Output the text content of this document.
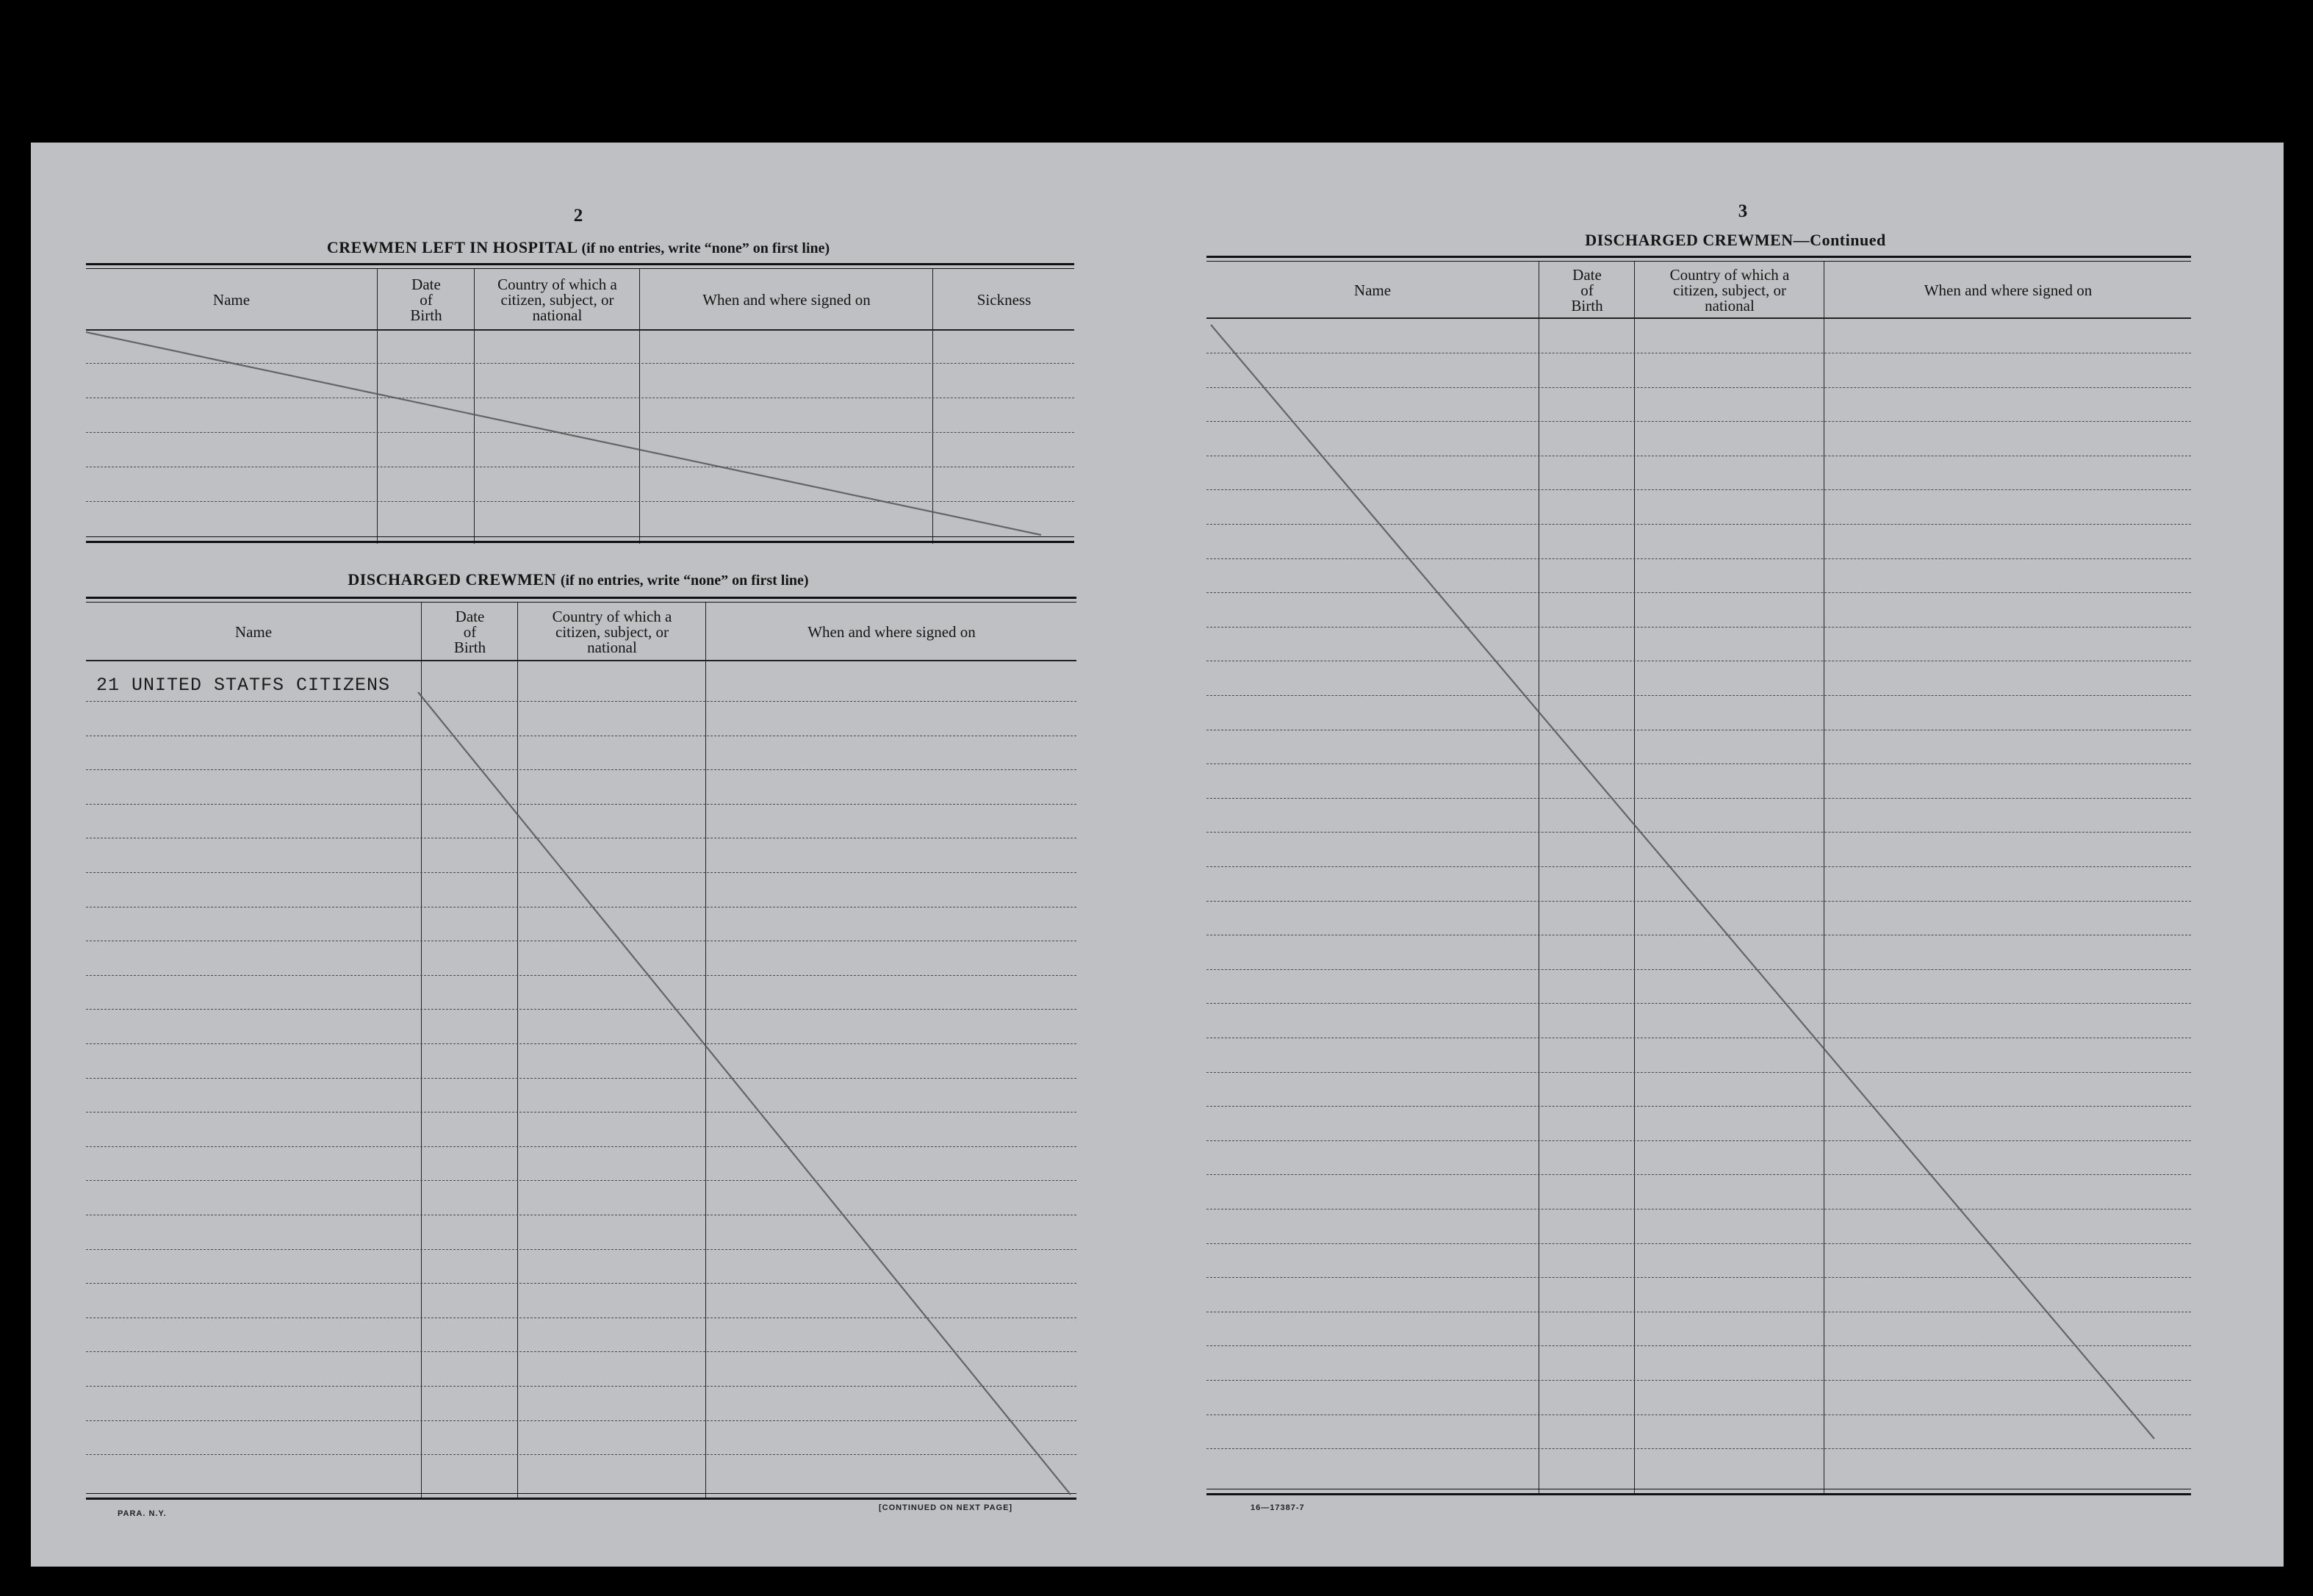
2
CREWMEN LEFT IN HOSPITAL (if no entries, write “none” on first line)
Name
Date
of
Birth
Country of which a
citizen, subject, or
national
When and where signed on	Sickness
​
DISCHARGED CREWMEN (if no entries, write “none” on first line)
Name
Date
of
Birth
Country of which a
citizen, subject, or
national
When and where signed on
21 UNITED STATFS CITIZENS
PARA. N.Y.
[CONTINUED ON NEXT PAGE]
3
DISCHARGED CREWMEN—Continued
Name
Date
of
Birth
Country of which a
citizen, subject, or
national
When and where signed on
16—17387-7
